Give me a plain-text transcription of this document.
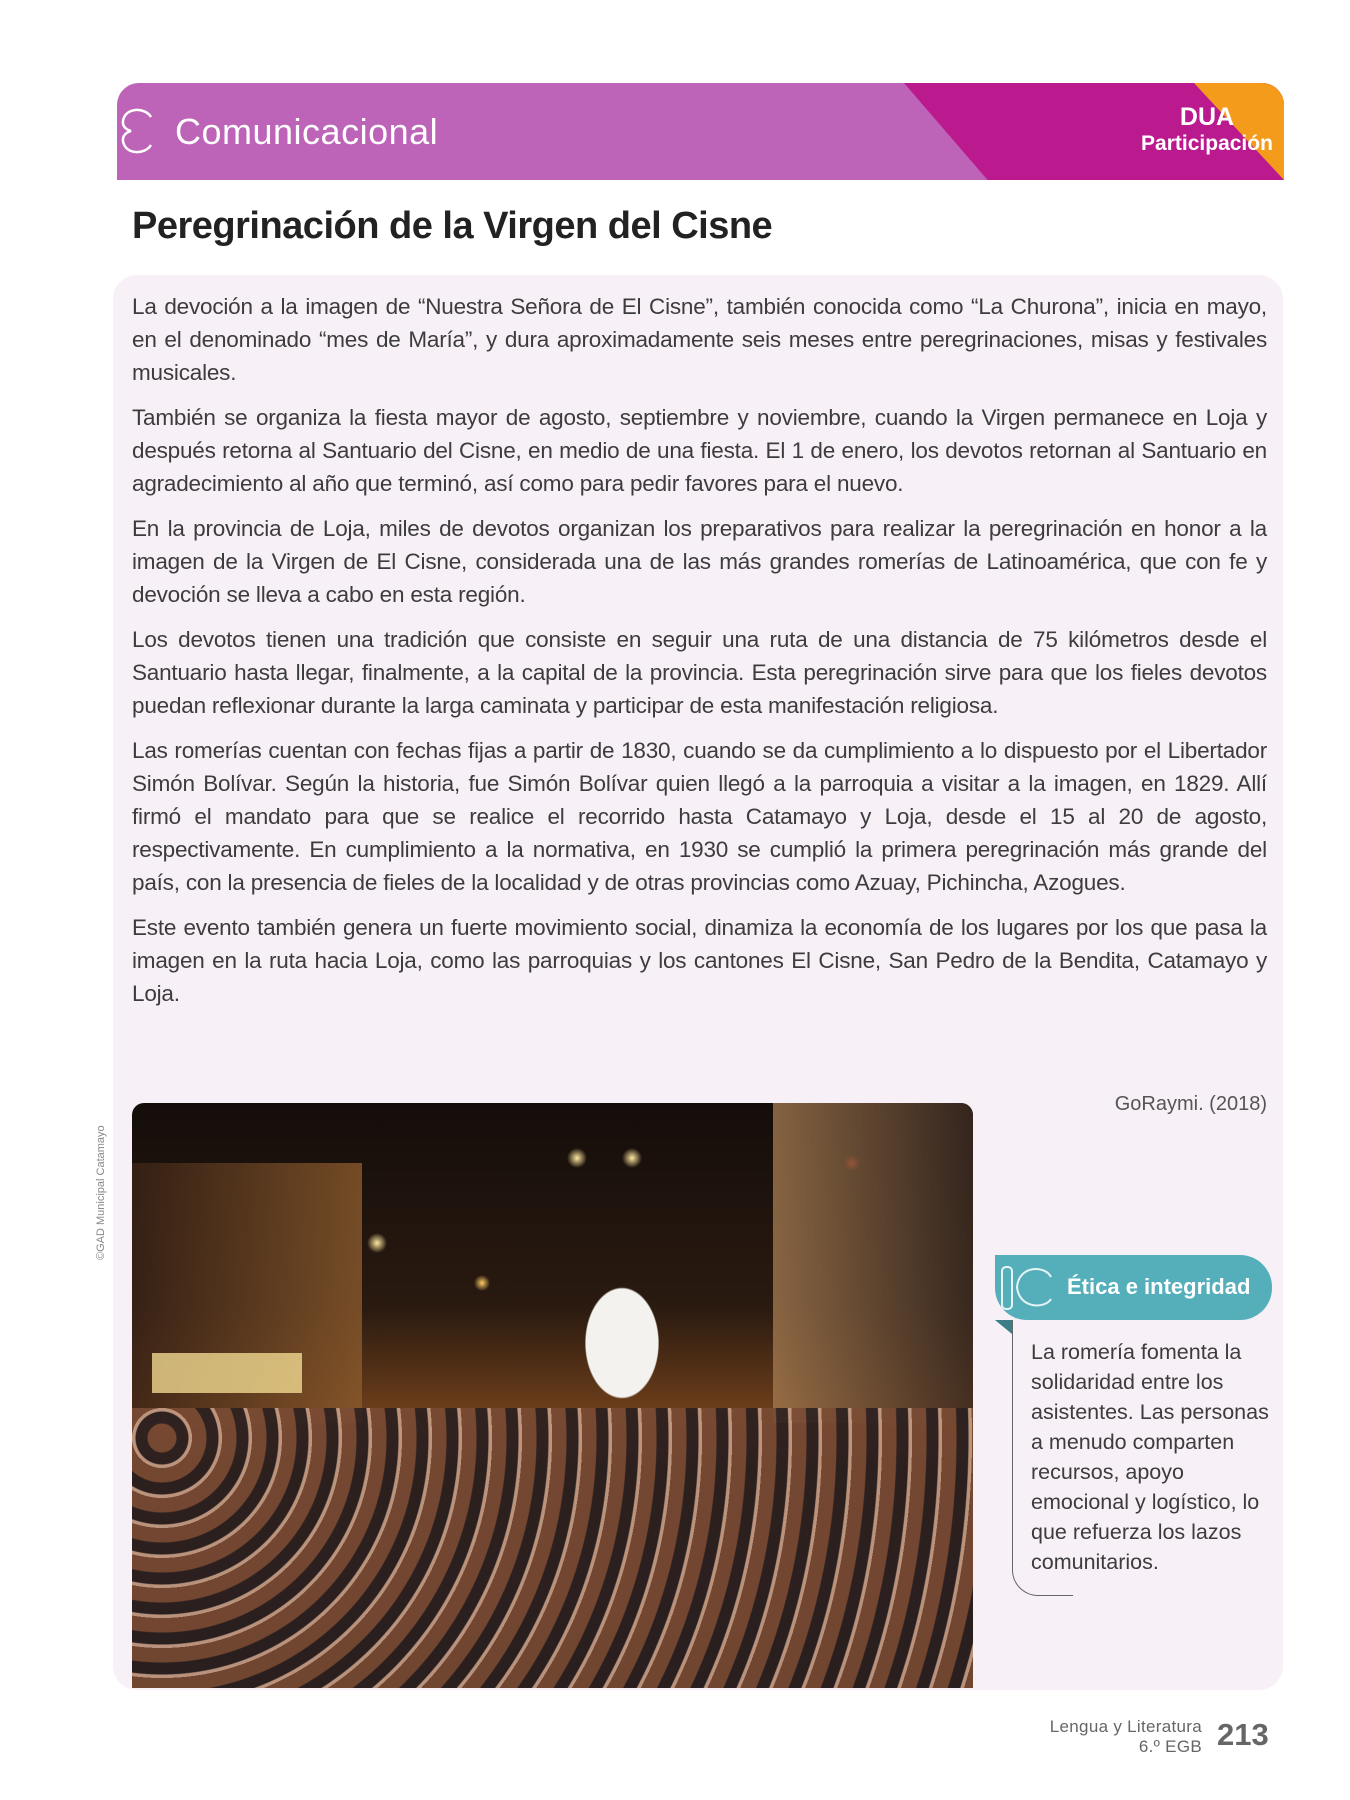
Comunicacional	DUA
Participación
Peregrinación de la Virgen del Cisne

La devoción a la imagen de “Nuestra Señora de El Cisne”, también conocida como “La Churona”, inicia en mayo, en el denominado “mes de María”, y dura aproximadamente seis meses entre peregrinaciones, misas y festivales musicales.

También se organiza la fiesta mayor de agosto, septiembre y noviembre, cuando la Virgen permanece en Loja y después retorna al Santuario del Cisne, en medio de una fiesta. El 1 de enero, los devotos retornan al Santuario en agradecimiento al año que terminó, así como para pedir favores para el nuevo.

En la provincia de Loja, miles de devotos organizan los preparativos para realizar la peregrinación en honor a la imagen de la Virgen de El Cisne, considerada una de las más grandes romerías de Latinoamérica, que con fe y devoción se lleva a cabo en esta región.

Los devotos tienen una tradición que consiste en seguir una ruta de una distancia de 75 kilómetros desde el Santuario hasta llegar, finalmente, a la capital de la provincia. Esta peregrinación sirve para que los fieles devotos puedan reflexionar durante la larga caminata y participar de esta manifestación religiosa.

Las romerías cuentan con fechas fijas a partir de 1830, cuando se da cumplimiento a lo dispuesto por el Libertador Simón Bolívar. Según la historia, fue Simón Bolívar quien llegó a la parroquia a visitar a la imagen, en 1829. Allí firmó el mandato para que se realice el recorrido hasta Catamayo y Loja, desde el 15 al 20 de agosto, respectivamente. En cumplimiento a la normativa, en 1930 se cumplió la primera peregrinación más grande del país, con la presencia de fieles de la localidad y de otras provincias como Azuay, Pichincha, Azogues.

Este evento también genera un fuerte movimiento social, dinamiza la economía de los lugares por los que pasa la imagen en la ruta hacia Loja, como las parroquias y los cantones El Cisne, San Pedro de la Bendita, Catamayo y Loja.

GoRaymi. (2018)
©GAD Municipal Catamayo
Ética e integridad
La romería fomenta la solidaridad entre los asistentes. Las personas a menudo comparten recursos, apoyo emocional y logístico, lo que refuerza los lazos comunitarios.
Lengua y Literatura
6.º EGB 213
